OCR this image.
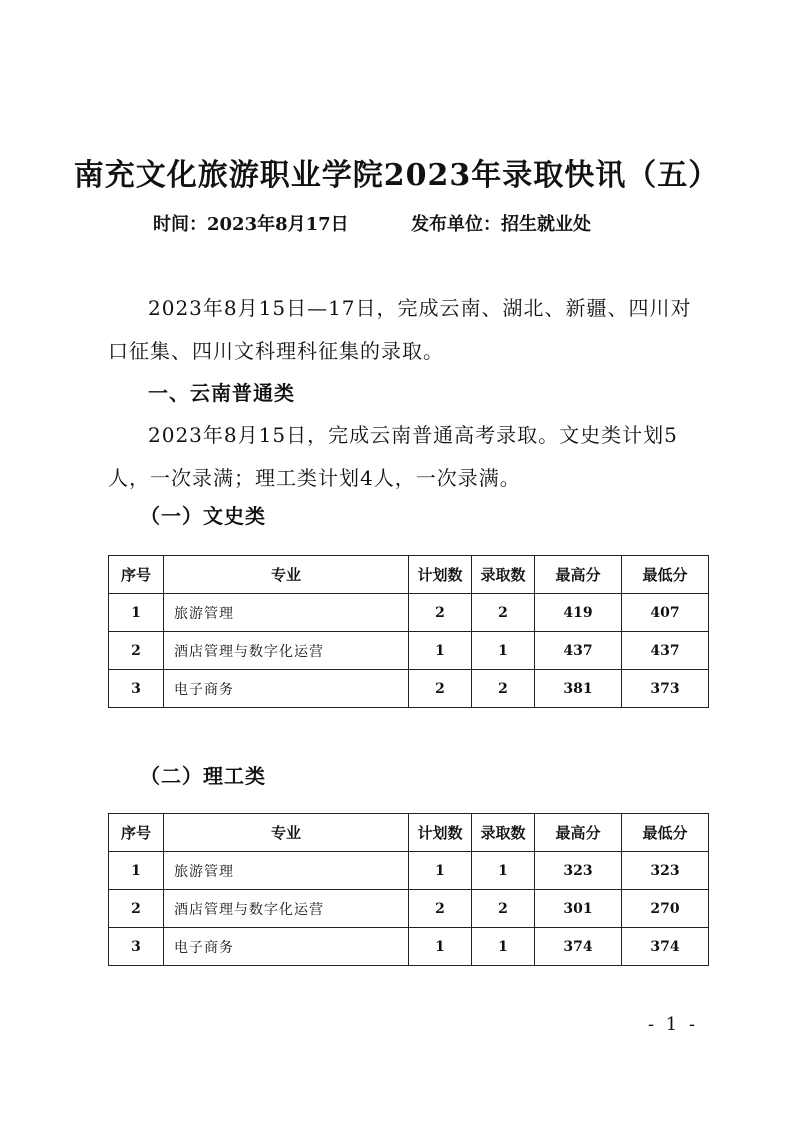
南充文化旅游职业学院2023年录取快讯（五）
时间：2023年8月17日	发布单位：招生就业处

2023年8月15日—17日，完成云南、湖北、新疆、四川对口征集、四川文科理科征集的录取。

一、云南普通类

2023年8月15日，完成云南普通高考录取。文史类计划5人，一次录满；理工类计划4人，一次录满。

（一）文史类
序号	专业	计划数	录取数	最高分	最低分
1	旅游管理	2	2	419	407
2	酒店管理与数字化运营	1	1	437	437
3	电子商务	2	2	381	373
（二）理工类
序号	专业	计划数	录取数	最高分	最低分
1	旅游管理	1	1	323	323
2	酒店管理与数字化运营	2	2	301	270
3	电子商务	1	1	374	374
- 1 -
